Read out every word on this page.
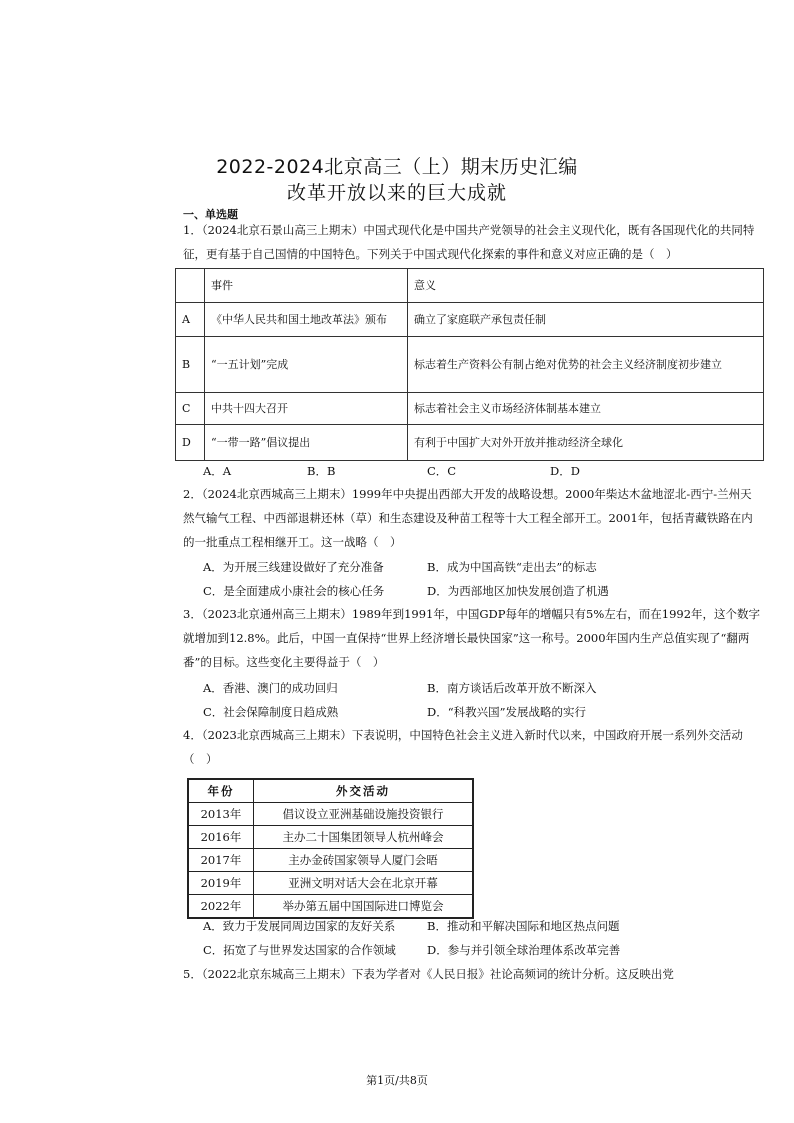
2022-2024北京高三（上）期末历史汇编
改革开放以来的巨大成就
一、单选题
1．（2024北京石景山高三上期末）中国式现代化是中国共产党领导的社会主义现代化，既有各国现代化的共同特征，更有基于自己国情的中国特色。下列关于中国式现代化探索的事件和意义对应正确的是（　）
	事件	意义
A	《中华人民共和国土地改革法》颁布	确立了家庭联产承包责任制
B	“一五计划”完成	标志着生产资料公有制占绝对优势的社会主义经济制度初步建立
C	中共十四大召开	标志着社会主义市场经济体制基本建立
D	“一带一路”倡议提出	有利于中国扩大对外开放并推动经济全球化
A．A	B．B	C．C	D．D
2．（2024北京西城高三上期末）1999年中央提出西部大开发的战略设想。2000年柴达木盆地涩北-西宁-兰州天然气输气工程、中西部退耕还林（草）和生态建设及种苗工程等十大工程全部开工。2001年，包括青藏铁路在内的一批重点工程相继开工。这一战略（　）
A．为开展三线建设做好了充分准备	B．成为中国高铁“走出去”的标志
C．是全面建成小康社会的核心任务	D．为西部地区加快发展创造了机遇
3．（2023北京通州高三上期末）1989年到1991年，中国GDP每年的增幅只有5%左右，而在1992年，这个数字就增加到12.8%。此后，中国一直保持“世界上经济增长最快国家”这一称号。2000年国内生产总值实现了“翻两番”的目标。这些变化主要得益于（　）
A．香港、澳门的成功回归	B．南方谈话后改革开放不断深入
C．社会保障制度日趋成熟	D．“科教兴国”发展战略的实行
4．（2023北京西城高三上期末）下表说明，中国特色社会主义进入新时代以来，中国政府开展一系列外交活动（　）
年份	外交活动
2013年	倡议设立亚洲基础设施投资银行
2016年	主办二十国集团领导人杭州峰会
2017年	主办金砖国家领导人厦门会晤
2019年	亚洲文明对话大会在北京开幕
2022年	举办第五届中国国际进口博览会
A．致力于发展同周边国家的友好关系	B．推动和平解决国际和地区热点问题
C．拓宽了与世界发达国家的合作领域	D．参与并引领全球治理体系改革完善
5．（2022北京东城高三上期末）下表为学者对《人民日报》社论高频词的统计分析。这反映出党
第1页/共8页
